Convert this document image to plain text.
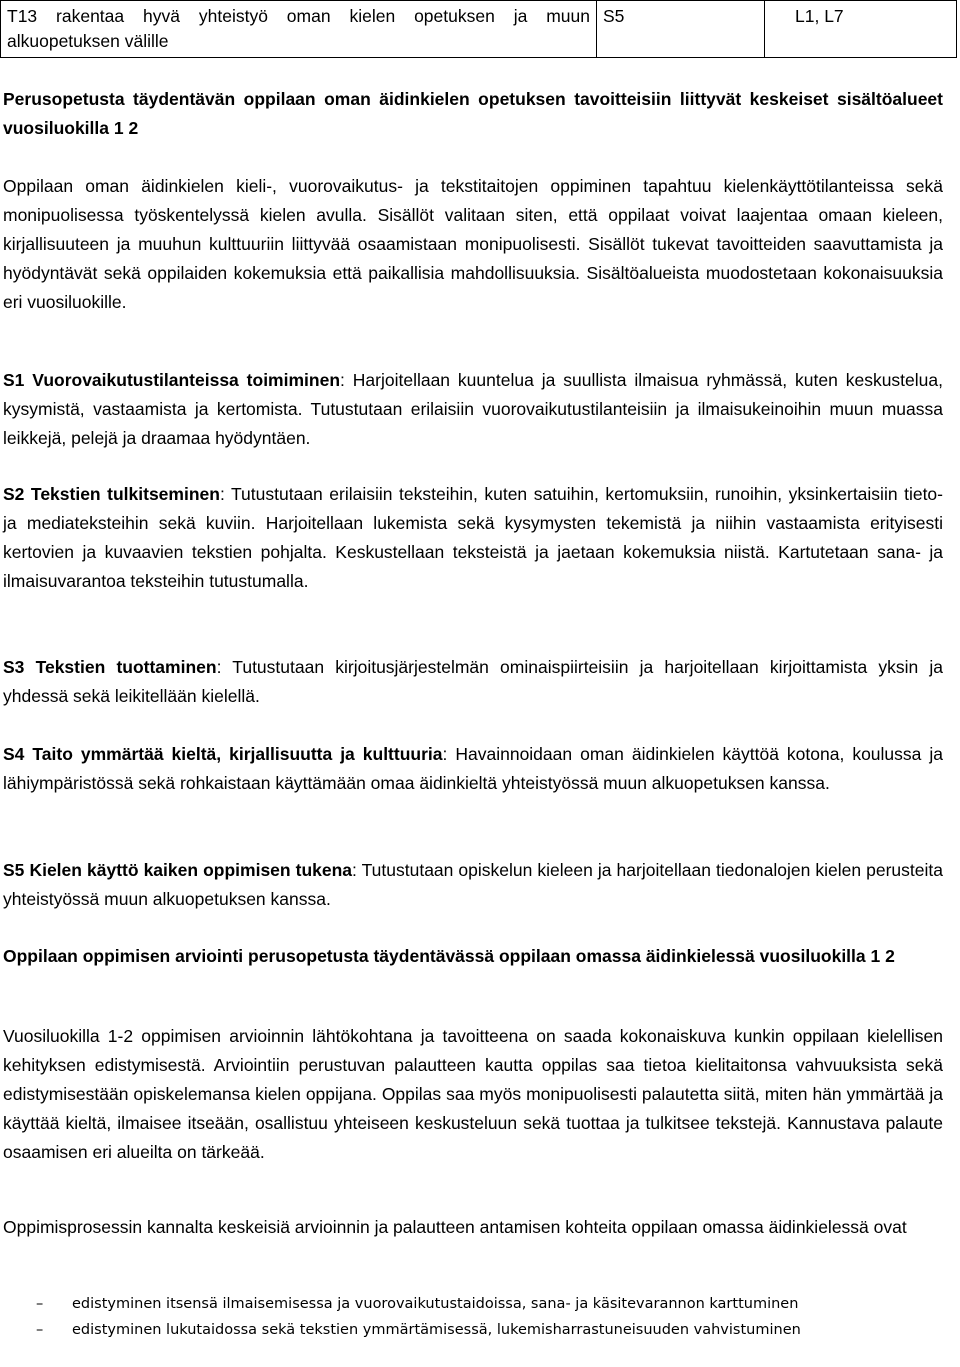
T13 rakentaa hyvä yhteistyö oman kielen opetuksen ja muun alkuopetuksen välille	S5	L1, L7

Perusopetusta täydentävän oppilaan oman äidinkielen opetuksen tavoitteisiin liittyvät keskeiset sisältöalueet vuosiluokilla 1 2

Oppilaan oman äidinkielen kieli-, vuorovaikutus- ja tekstitaitojen oppiminen tapahtuu kielenkäyttötilanteissa sekä monipuolisessa työskentelyssä kielen avulla. Sisällöt valitaan siten, että oppilaat voivat laajentaa omaan kieleen, kirjallisuuteen ja muuhun kulttuuriin liittyvää osaamistaan monipuolisesti. Sisällöt tukevat tavoitteiden saavuttamista ja hyödyntävät sekä oppilaiden kokemuksia että paikallisia mahdollisuuksia. Sisältöalueista muodostetaan kokonaisuuksia eri vuosiluokille.

S1 Vuorovaikutustilanteissa toimiminen: Harjoitellaan kuuntelua ja suullista ilmaisua ryhmässä, kuten keskustelua, kysymistä, vastaamista ja kertomista. Tutustutaan erilaisiin vuorovaikutustilanteisiin ja ilmaisukeinoihin muun muassa leikkejä, pelejä ja draamaa hyödyntäen.

S2 Tekstien tulkitseminen: Tutustutaan erilaisiin teksteihin, kuten satuihin, kertomuksiin, runoihin, yksinkertaisiin tieto- ja mediateksteihin sekä kuviin. Harjoitellaan lukemista sekä kysymysten tekemistä ja niihin vastaamista erityisesti kertovien ja kuvaavien tekstien pohjalta. Keskustellaan teksteistä ja jaetaan kokemuksia niistä. Kartutetaan sana- ja ilmaisuvarantoa teksteihin tutustumalla.

S3 Tekstien tuottaminen: Tutustutaan kirjoitusjärjestelmän ominaispiirteisiin ja harjoitellaan kirjoittamista yksin ja yhdessä sekä leikitellään kielellä.

S4 Taito ymmärtää kieltä, kirjallisuutta ja kulttuuria: Havainnoidaan oman äidinkielen käyttöä kotona, koulussa ja lähiympäristössä sekä rohkaistaan käyttämään omaa äidinkieltä yhteistyössä muun alkuopetuksen kanssa.

S5 Kielen käyttö kaiken oppimisen tukena: Tutustutaan opiskelun kieleen ja harjoitellaan tiedonalojen kielen perusteita yhteistyössä muun alkuopetuksen kanssa.

Oppilaan oppimisen arviointi perusopetusta täydentävässä oppilaan omassa äidinkielessä vuosiluokilla 1 2

Vuosiluokilla 1-2 oppimisen arvioinnin lähtökohtana ja tavoitteena on saada kokonaiskuva kunkin oppilaan kielellisen kehityksen edistymisestä. Arviointiin perustuvan palautteen kautta oppilas saa tietoa kielitaitonsa vahvuuksista sekä edistymisestään opiskelemansa kielen oppijana. Oppilas saa myös monipuolisesti palautetta siitä, miten hän ymmärtää ja käyttää kieltä, ilmaisee itseään, osallistuu yhteiseen keskusteluun sekä tuottaa ja tulkitsee tekstejä. Kannustava palaute osaamisen eri alueilta on tärkeää.

Oppimisprosessin kannalta keskeisiä arvioinnin ja palautteen antamisen kohteita oppilaan omassa äidinkielessä ovat

– edistyminen itsensä ilmaisemisessa ja vuorovaikutustaidoissa, sana- ja käsitevarannon karttuminen
– edistyminen lukutaidossa sekä tekstien ymmärtämisessä, lukemisharrastuneisuuden vahvistuminen
